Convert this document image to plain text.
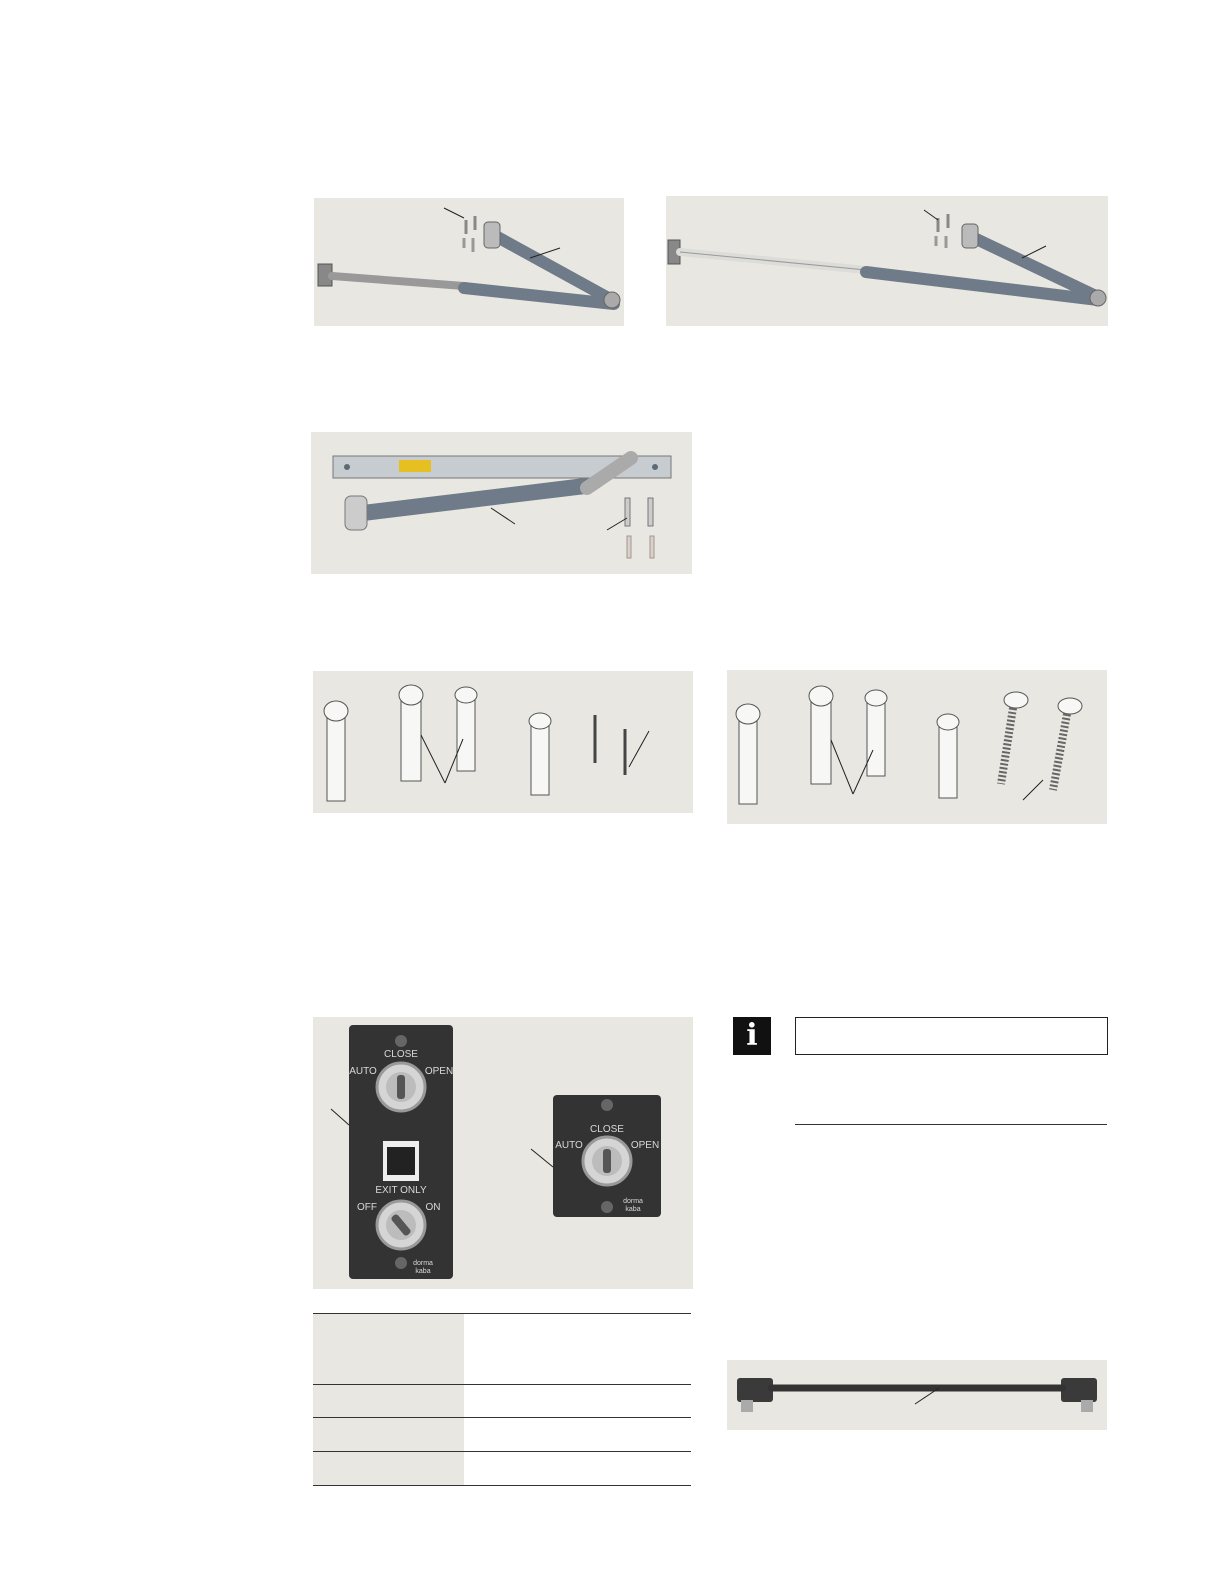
CLOSE
AUTO	OPEN
EXIT ONLY
OFF	ON
dorma
kaba
CLOSE
AUTO	OPEN
dorma
kaba
i
